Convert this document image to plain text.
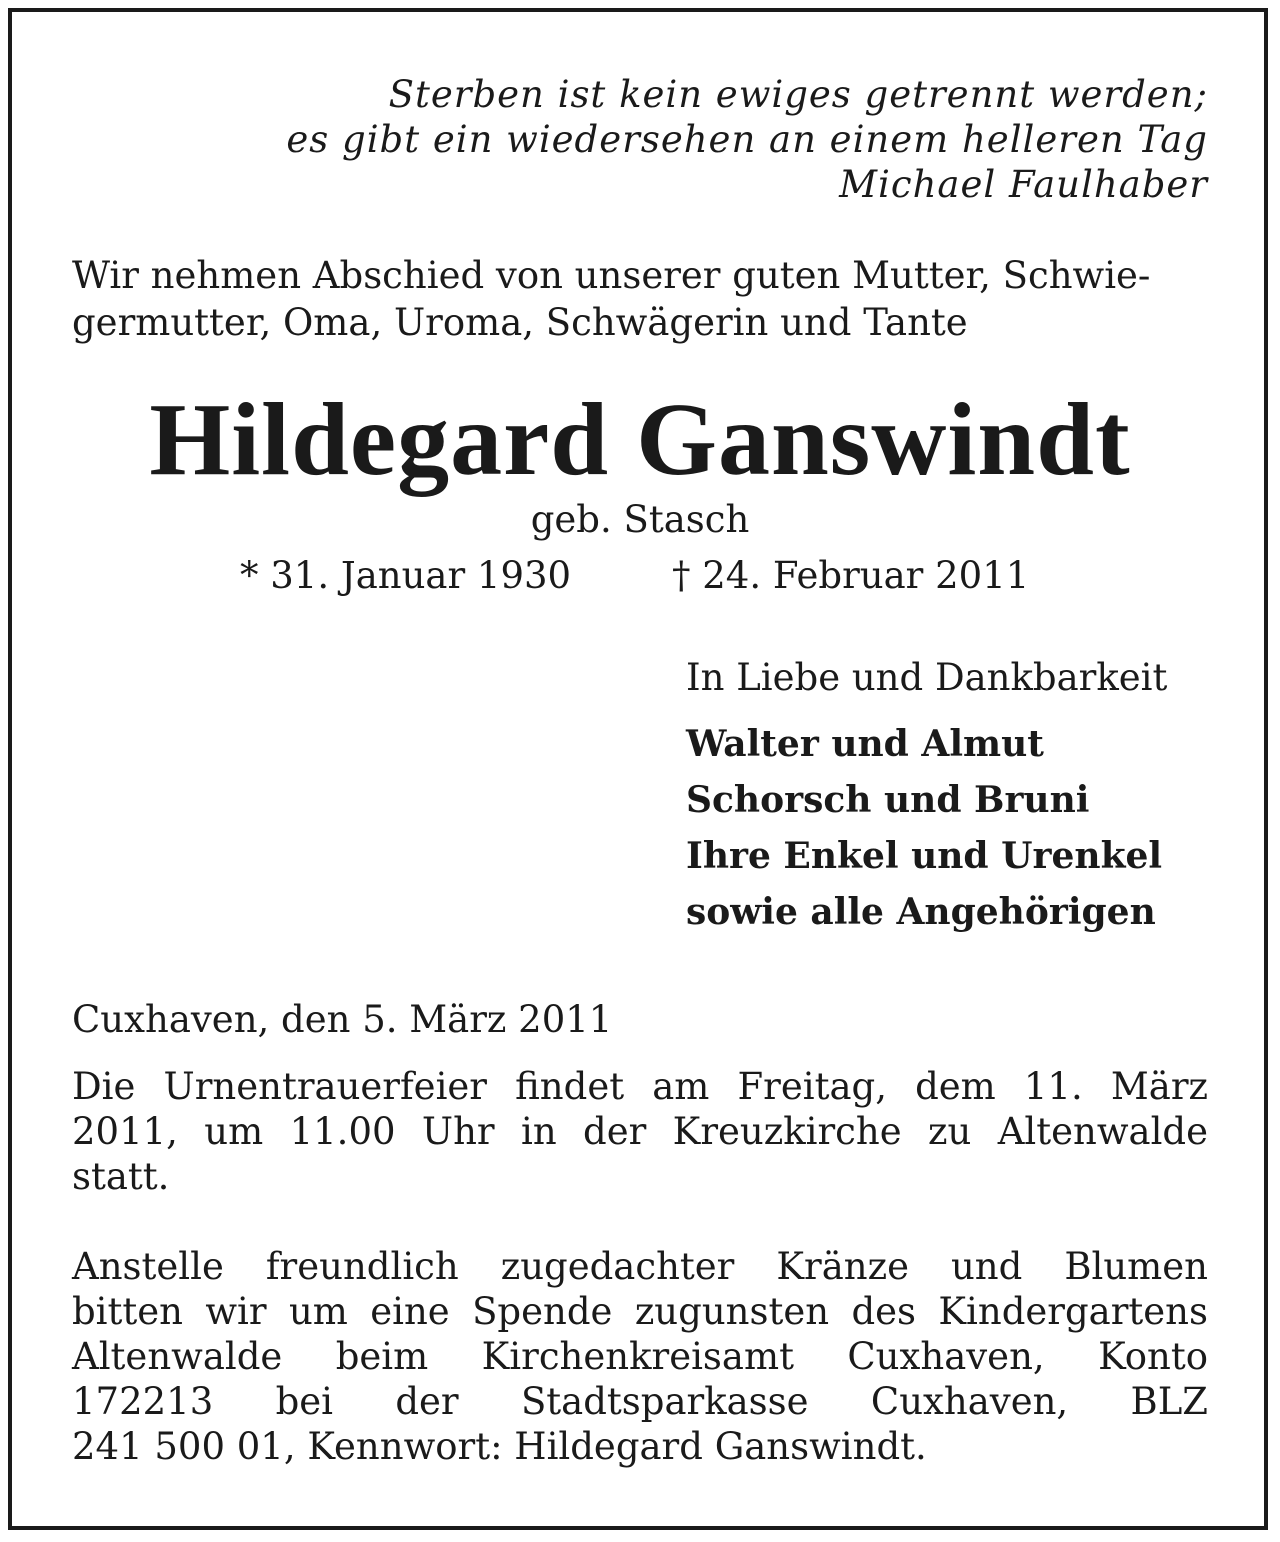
Sterben ist kein ewiges getrennt werden;
es gibt ein wiedersehen an einem helleren Tag
Michael Faulhaber
Wir nehmen Abschied von unserer guten Mutter, Schwie-
germutter, Oma, Uroma, Schwägerin und Tante
Hildegard Ganswindt
geb. Stasch
* 31. Januar 1930	† 24. Februar 2011
In Liebe und Dankbarkeit
Walter und Almut
Schorsch und Bruni
Ihre Enkel und Urenkel
sowie alle Angehörigen
Cuxhaven, den 5. März 2011
Die Urnentrauerfeier findet am Freitag, dem 11. März
2011, um 11.00 Uhr in der Kreuzkirche zu Altenwalde
statt.
Anstelle freundlich zugedachter Kränze und Blumen
bitten wir um eine Spende zugunsten des Kindergartens
Altenwalde beim Kirchenkreisamt Cuxhaven, Konto
172213 bei der Stadtsparkasse Cuxhaven, BLZ
241 500 01, Kennwort: Hildegard Ganswindt.
